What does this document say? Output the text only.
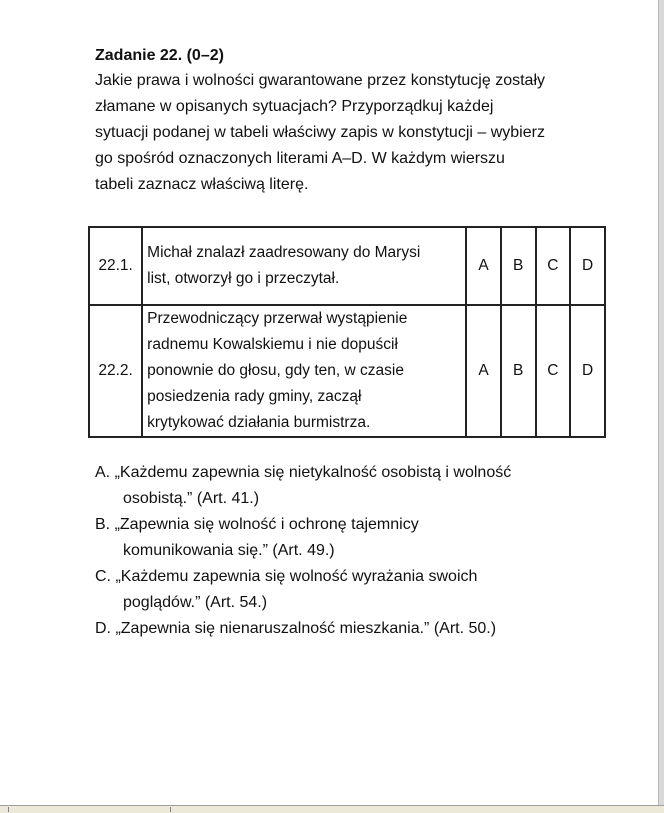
Zadanie 22. (0–2)

Jakie prawa i wolności gwarantowane przez konstytucję zostały
złamane w opisanych sytuacjach? Przyporządkuj każdej
sytuacji podanej w tabeli właściwy zapis w konstytucji – wybierz
go spośród oznaczonych literami A–D. W każdym wierszu
tabeli zaznacz właściwą literę.

22.1.	Michał znalazł zaadresowany do Marysi
list, otworzył go i przeczytał.	A	B	C	D
22.2.	Przewodniczący przerwał wystąpienie
radnemu Kowalskiemu i nie dopuścił
ponownie do głosu, gdy ten, w czasie
posiedzenia rady gminy, zaczął
krytykować działania burmistrza.	A	B	C	D
A. „Każdemu zapewnia się nietykalność osobistą i wolność
osobistą.” (Art. 41.)
B. „Zapewnia się wolność i ochronę tajemnicy
komunikowania się.” (Art. 49.)
C. „Każdemu zapewnia się wolność wyrażania swoich
poglądów.” (Art. 54.)
D. „Zapewnia się nienaruszalność mieszkania.” (Art. 50.)
